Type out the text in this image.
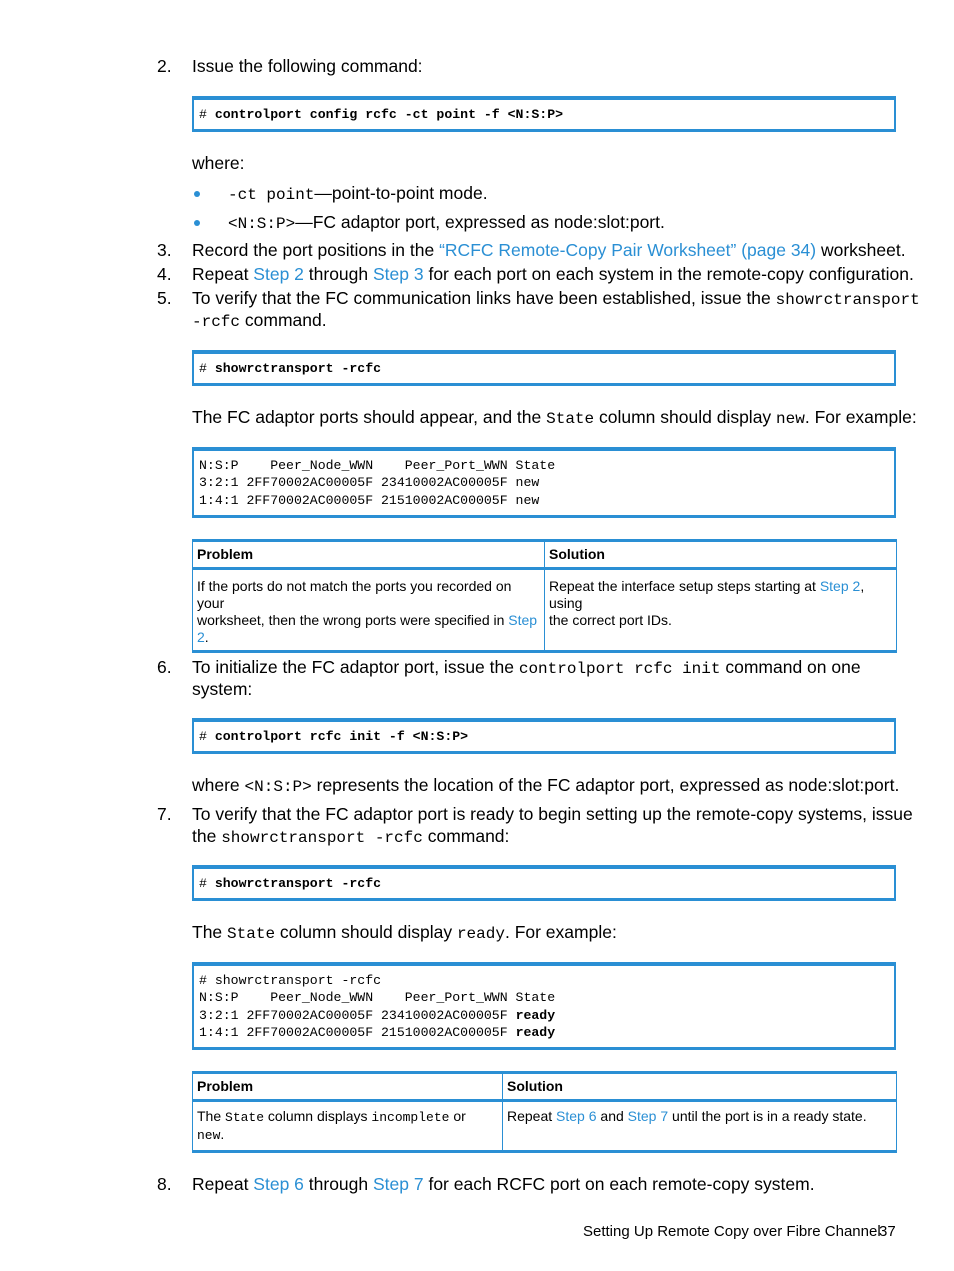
2. Issue the following command:
# controlport config rcfc -ct point -f <N:S:P>
where:
-ct point—point-to-point mode.
<N:S:P>—FC adaptor port, expressed as node:slot:port.
3. Record the port positions in the “RCFC Remote-Copy Pair Worksheet” (page 34) worksheet.
4. Repeat Step 2 through Step 3 for each port on each system in the remote-copy configuration.
5. To verify that the FC communication links have been established, issue the showrctransport
-rcfc command.
# showrctransport -rcfc
The FC adaptor ports should appear, and the State column should display new. For example:
N:S:P    Peer_Node_WWN    Peer_Port_WWN State
3:2:1 2FF70002AC00005F 23410002AC00005F new
1:4:1 2FF70002AC00005F 21510002AC00005F new
Problem	Solution
If the ports do not match the ports you recorded on your
worksheet, then the wrong ports were specified in Step
2.	Repeat the interface setup steps starting at Step 2, using
the correct port IDs.
6. To initialize the FC adaptor port, issue the controlport rcfc init command on one
system:
# controlport rcfc init -f <N:S:P>
where <N:S:P> represents the location of the FC adaptor port, expressed as node:slot:port.
7. To verify that the FC adaptor port is ready to begin setting up the remote-copy systems, issue
the showrctransport -rcfc command:
# showrctransport -rcfc
The State column should display ready. For example:
# showrctransport -rcfc
N:S:P    Peer_Node_WWN    Peer_Port_WWN State
3:2:1 2FF70002AC00005F 23410002AC00005F ready
1:4:1 2FF70002AC00005F 21510002AC00005F ready
Problem	Solution
The State column displays incomplete or
new.	Repeat Step 6 and Step 7 until the port is in a ready state.
8. Repeat Step 6 through Step 7 for each RCFC port on each remote-copy system.
Setting Up Remote Copy over Fibre Channel
37
